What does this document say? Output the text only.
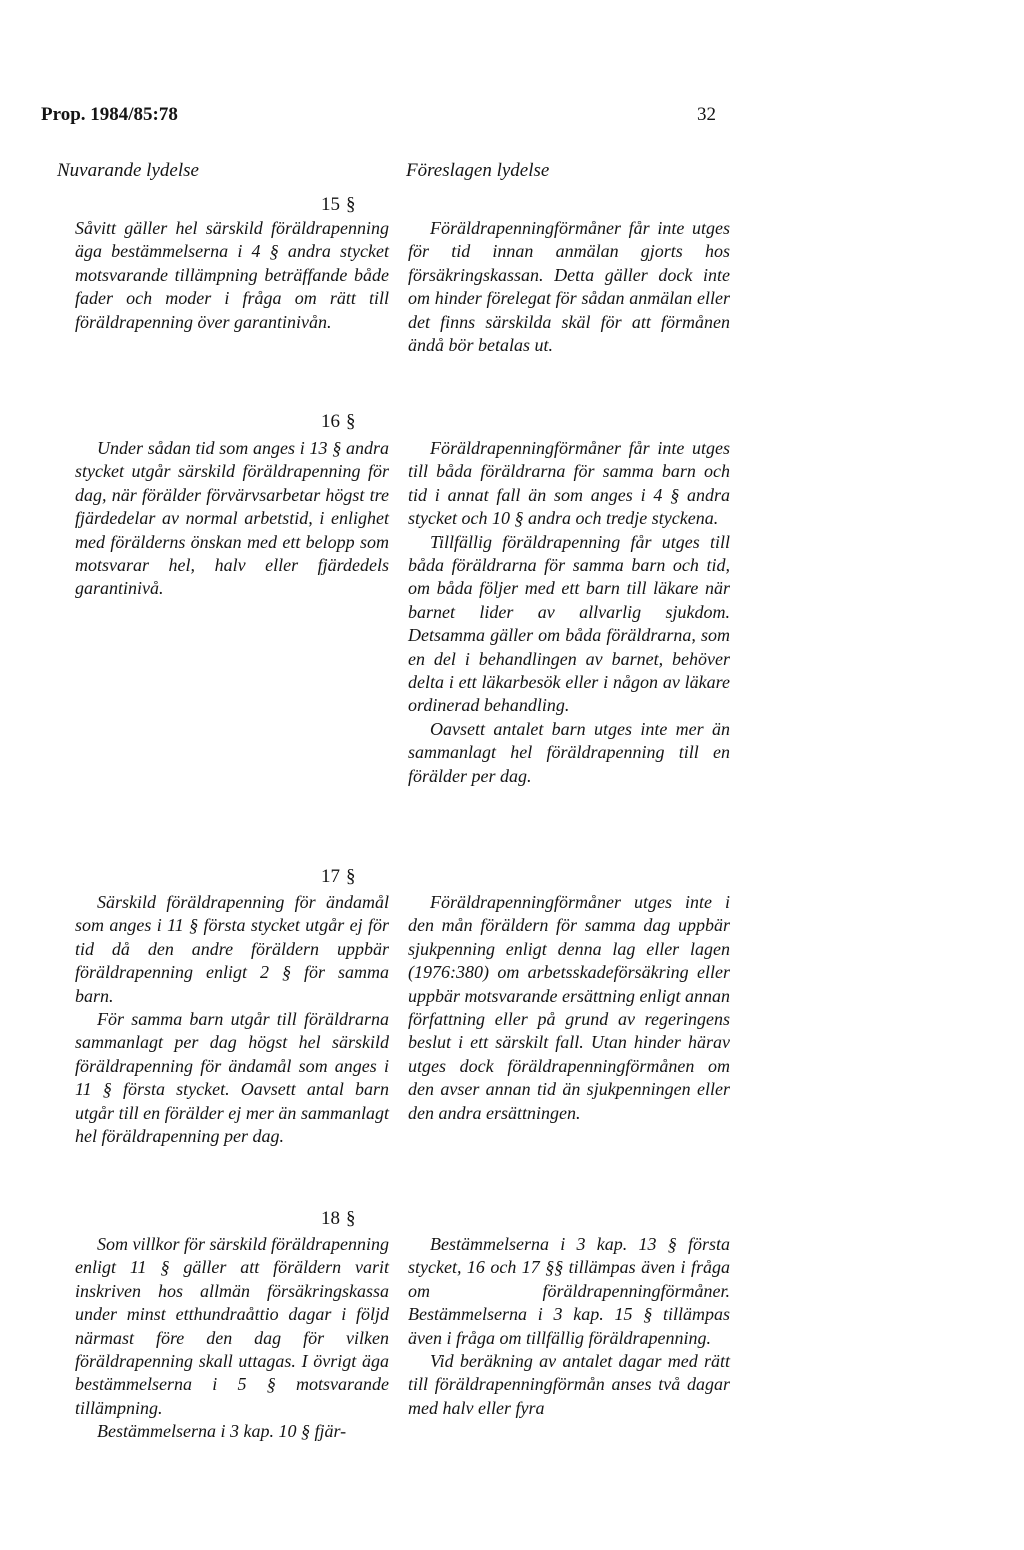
Prop. 1984/85:78	32
Nuvarande lydelse	Föreslagen lydelse
15 §

Såvitt gäller hel särskild föräldrapenning äga bestämmelserna i 4 § andra stycket motsvarande tillämpning beträffande både fader och moder i fråga om rätt till föräldrapenning över garantinivån.

Föräldrapenningförmåner får inte utges för tid innan anmälan gjorts hos försäkringskassan. Detta gäller dock inte om hinder förelegat för sådan anmälan eller det finns särskilda skäl för att förmånen ändå bör betalas ut.

16 §

Under sådan tid som anges i 13 § andra stycket utgår särskild föräldrapenning för dag, när förälder förvärvsarbetar högst tre fjärdedelar av normal arbetstid, i enlighet med förälderns önskan med ett belopp som motsvarar hel, halv eller fjärdedels garantinivå.

Föräldrapenningförmåner får inte utges till båda föräldrarna för samma barn och tid i annat fall än som anges i 4 § andra stycket och 10 § andra och tredje styckena.

Tillfällig föräldrapenning får utges till båda föräldrarna för samma barn och tid, om båda följer med ett barn till läkare när barnet lider av allvarlig sjukdom. Detsamma gäller om båda föräldrarna, som en del i behandlingen av barnet, behöver delta i ett läkarbesök eller i någon av läkare ordinerad behandling.

Oavsett antalet barn utges inte mer än sammanlagt hel föräldrapenning till en förälder per dag.

17 §

Särskild föräldrapenning för ändamål som anges i 11 § första stycket utgår ej för tid då den andre föräldern uppbär föräldrapenning enligt 2 § för samma barn.

För samma barn utgår till föräldrarna sammanlagt per dag högst hel särskild föräldrapenning för ändamål som anges i 11 § första stycket. Oavsett antal barn utgår till en förälder ej mer än sammanlagt hel föräldrapenning per dag.

Föräldrapenningförmåner utges inte i den mån föräldern för samma dag uppbär sjukpenning enligt denna lag eller lagen (1976:380) om arbetsskadeförsäkring eller uppbär motsvarande ersättning enligt annan författning eller på grund av regeringens beslut i ett särskilt fall. Utan hinder härav utges dock föräldrapenningförmånen om den avser annan tid än sjukpenningen eller den andra ersättningen.

18 §

Som villkor för särskild föräldrapenning enligt 11 § gäller att föräldern varit inskriven hos allmän försäkringskassa under minst etthundraåttio dagar i följd närmast före den dag för vilken föräldrapenning skall uttagas. I övrigt äga bestämmelserna i 5 § motsvarande tillämpning.

Bestämmelserna i 3 kap. 10 § fjär-

Bestämmelserna i 3 kap. 13 § första stycket, 16 och 17 §§ tillämpas även i fråga om föräldrapenningförmåner. Bestämmelserna i 3 kap. 15 § tillämpas även i fråga om tillfällig föräldrapenning.

Vid beräkning av antalet dagar med rätt till föräldrapenningförmån anses två dagar med halv eller fyra
